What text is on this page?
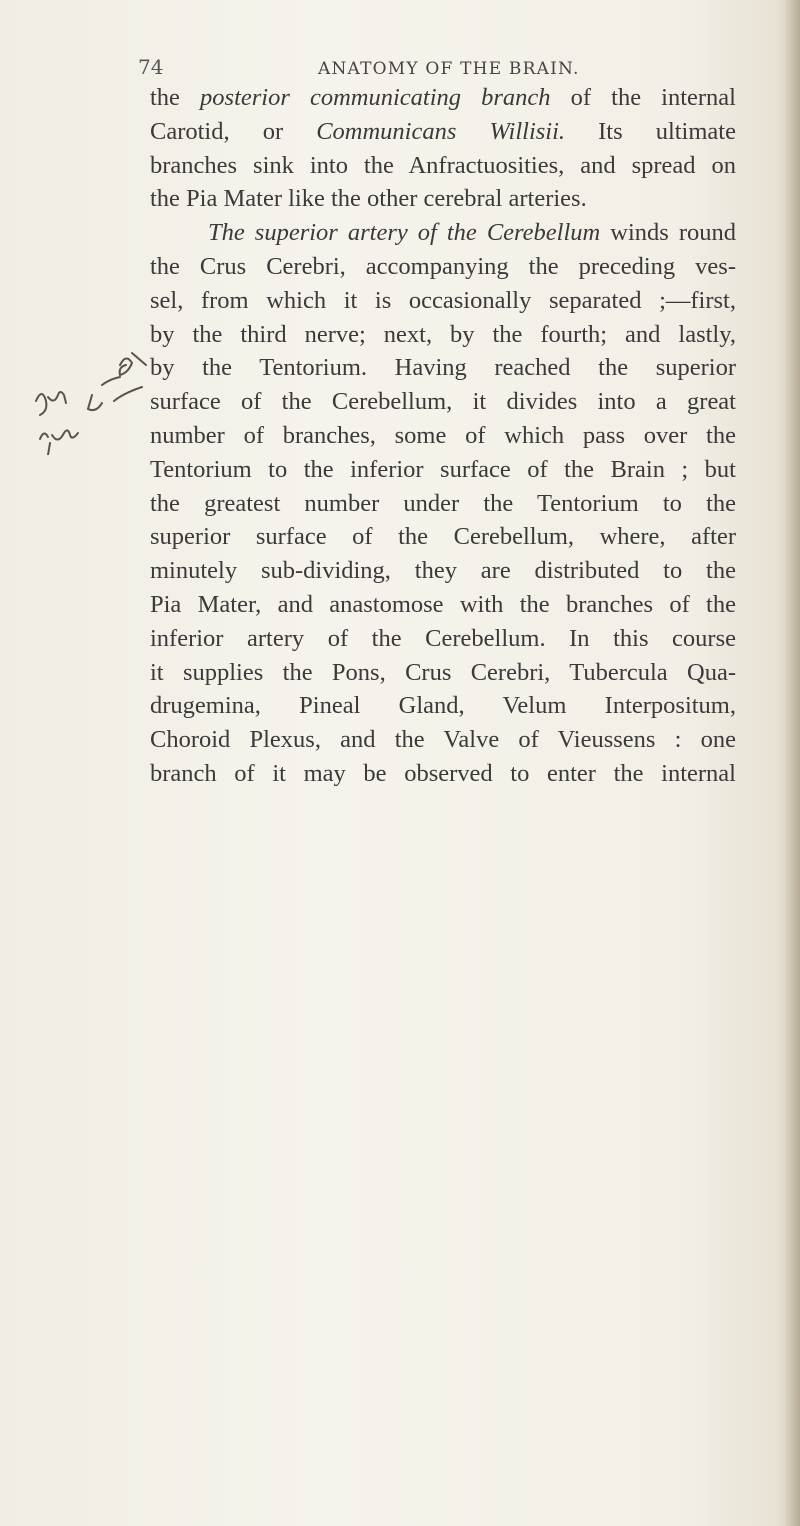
74	ANATOMY OF THE BRAIN.
the posterior communicating branch of the internal
Carotid, or Communicans Willisii. Its ultimate
branches sink into the Anfractuosities, and spread on
the Pia Mater like the other cerebral arteries.
The superior artery of the Cerebellum winds round
the Crus Cerebri, accompanying the preceding ves-
sel, from which it is occasionally separated ;—first,
by the third nerve; next, by the fourth; and lastly,
by the Tentorium. Having reached the superior
surface of the Cerebellum, it divides into a great
number of branches, some of which pass over the
Tentorium to the inferior surface of the Brain ; but
the greatest number under the Tentorium to the
superior surface of the Cerebellum, where, after
minutely sub-dividing, they are distributed to the
Pia Mater, and anastomose with the branches of the
inferior artery of the Cerebellum. In this course
it supplies the Pons, Crus Cerebri, Tubercula Qua-
drugemina, Pineal Gland, Velum Interpositum,
Choroid Plexus, and the Valve of Vieussens : one
branch of it may be observed to enter the internal
